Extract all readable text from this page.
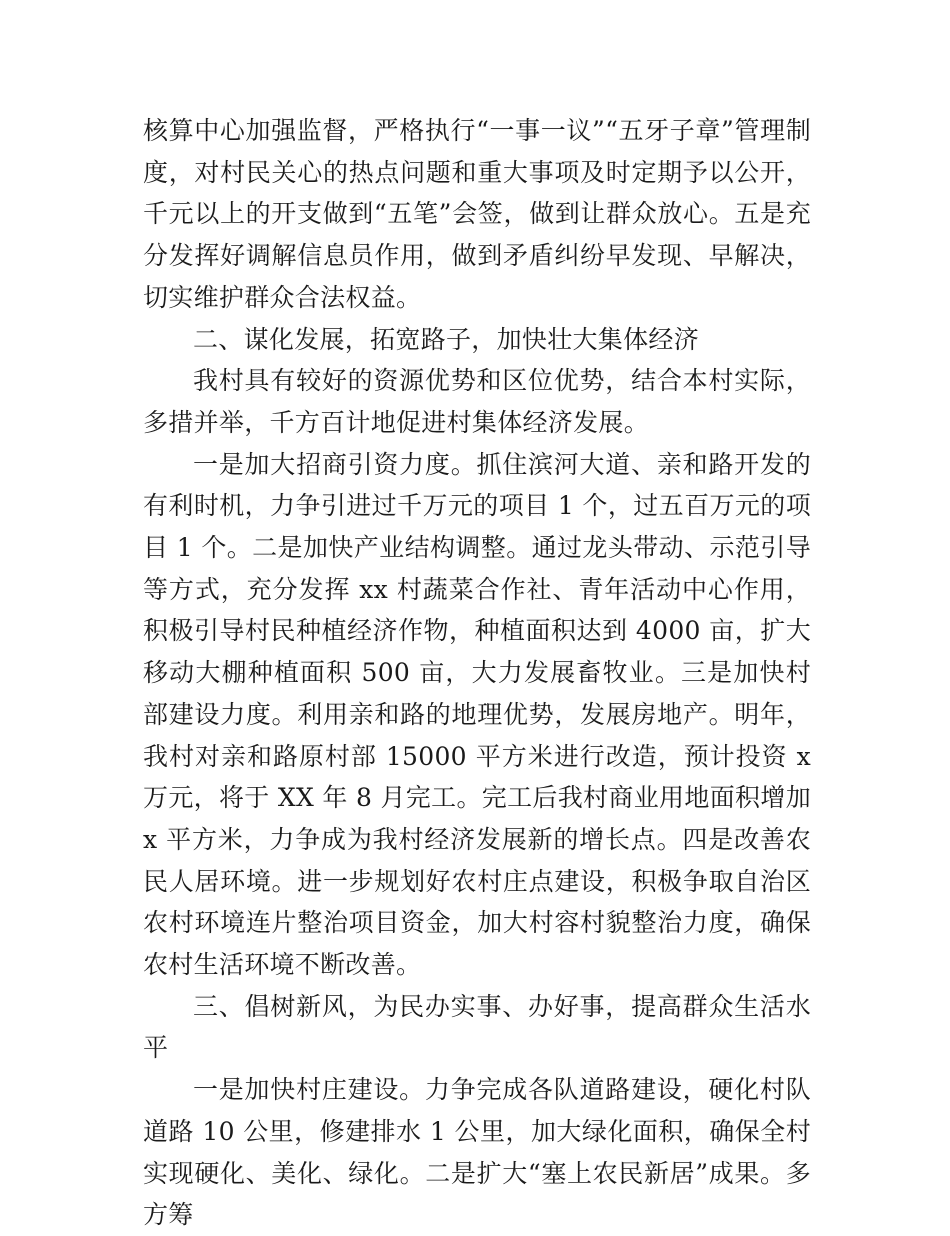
核算中心加强监督，严格执行“一事一议”“五牙子章”管理制度，对村民关心的热点问题和重大事项及时定期予以公开，千元以上的开支做到“五笔”会签，做到让群众放心。五是充分发挥好调解信息员作用，做到矛盾纠纷早发现、早解决，切实维护群众合法权益。

二、谋化发展，拓宽路子，加快壮大集体经济

我村具有较好的资源优势和区位优势，结合本村实际，多措并举，千方百计地促进村集体经济发展。

一是加大招商引资力度。抓住滨河大道、亲和路开发的有利时机，力争引进过千万元的项目 1 个，过五百万元的项目 1 个。二是加快产业结构调整。通过龙头带动、示范引导等方式，充分发挥 xx 村蔬菜合作社、青年活动中心作用，积极引导村民种植经济作物，种植面积达到 4000 亩，扩大移动大棚种植面积 500 亩，大力发展畜牧业。三是加快村部建设力度。利用亲和路的地理优势，发展房地产。明年，我村对亲和路原村部 15000 平方米进行改造，预计投资 x 万元，将于 XX 年 8 月完工。完工后我村商业用地面积增加 x 平方米，力争成为我村经济发展新的增长点。四是改善农民人居环境。进一步规划好农村庄点建设，积极争取自治区农村环境连片整治项目资金，加大村容村貌整治力度，确保农村生活环境不断改善。

三、倡树新风，为民办实事、办好事，提高群众生活水平

一是加快村庄建设。力争完成各队道路建设，硬化村队道路 10 公里，修建排水 1 公里，加大绿化面积，确保全村实现硬化、美化、绿化。二是扩大“塞上农民新居”成果。多方筹
